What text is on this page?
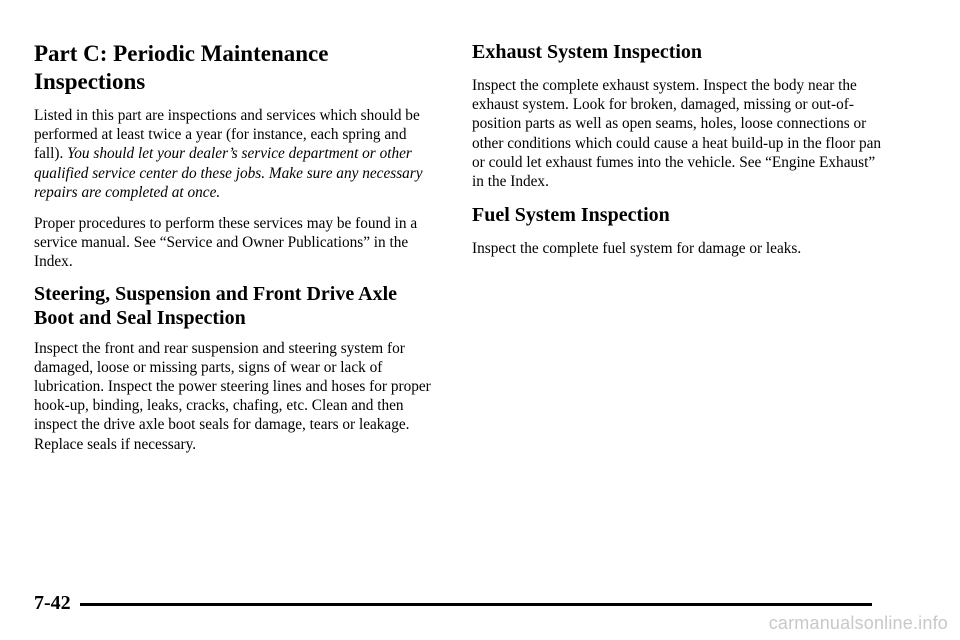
Part C: Periodic Maintenance
Inspections

Listed in this part are inspections and services which should be performed at least twice a year (for instance, each spring and fall). You should let your dealer’s service department or other qualified service center do these jobs. Make sure any necessary repairs are completed at once.

Proper procedures to perform these services may be found in a service manual. See “Service and Owner Publications” in the Index.

Steering, Suspension and Front Drive Axle Boot and Seal Inspection

Inspect the front and rear suspension and steering system for damaged, loose or missing parts, signs of wear or lack of lubrication. Inspect the power steering lines and hoses for proper hook‐up, binding, leaks, cracks, chafing, etc. Clean and then inspect the drive axle boot seals for damage, tears or leakage. Replace seals if necessary.

Exhaust System Inspection

Inspect the complete exhaust system. Inspect the body near the exhaust system. Look for broken, damaged, missing or out‐of‐position parts as well as open seams, holes, loose connections or other conditions which could cause a heat build‐up in the floor pan or could let exhaust fumes into the vehicle. See “Engine Exhaust” in the Index.

Fuel System Inspection

Inspect the complete fuel system for damage or leaks.

7-42
carmanualsonline.info
